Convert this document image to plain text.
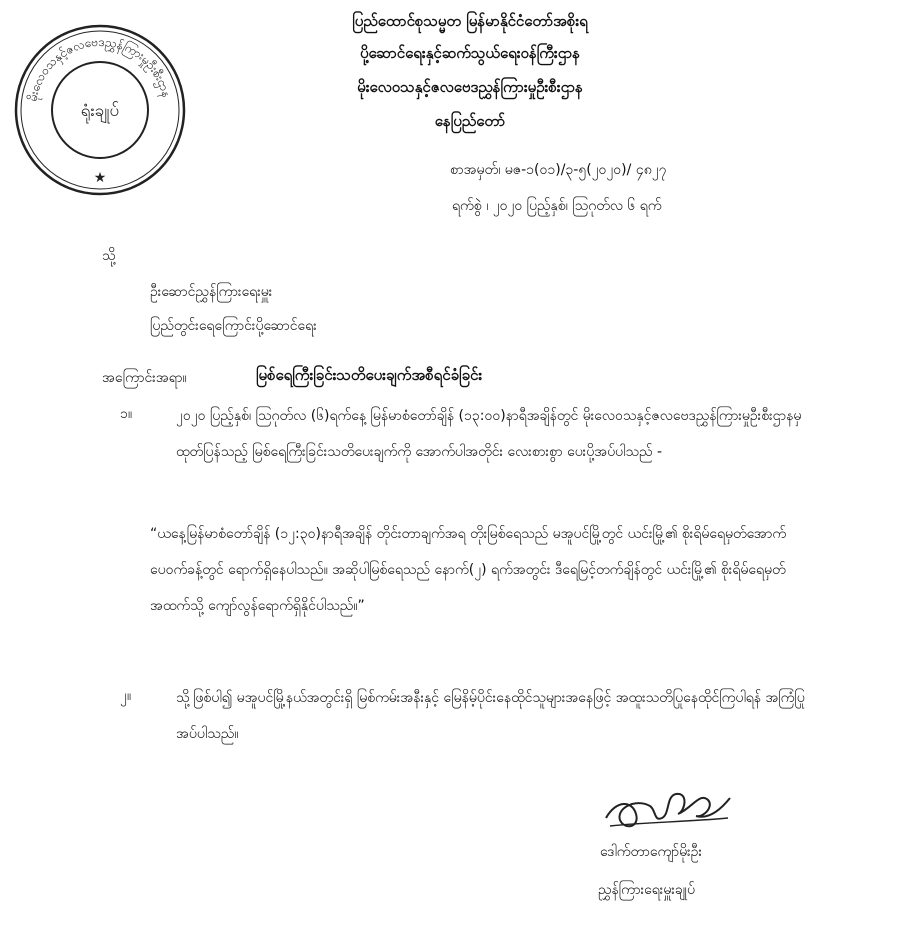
မိုးလေဝသနှင့်ဇလဗေဒညွှန်ကြားမှုဦးစီးဌာန
ရုံးချုပ်
★
ပြည်ထောင်စုသမ္မတ မြန်မာနိုင်ငံတော်အစိုးရ
ပို့ဆောင်ရေးနှင့်ဆက်သွယ်ရေးဝန်ကြီးဌာန
မိုးလေဝသနှင့်ဇလဗေဒညွှန်ကြားမှုဦးစီးဌာန
နေပြည်တော်
စာအမှတ်၊ မဇ-၁(၀၁)/၃-၅(၂၀၂၀)/ ၄၈၂၇
ရက်စွဲ ၊ ၂၀၂၀ ပြည့်နှစ်၊ ဩဂုတ်လ ၆ ရက်
သို့
ဦးဆောင်ညွှန်ကြားရေးမှူး
ပြည်တွင်းရေကြောင်းပို့ဆောင်ရေး
အကြောင်းအရာ။	မြစ်ရေကြီးခြင်းသတိပေးချက်အစီရင်ခံခြင်း
၁။	၂၀၂၀ ပြည့်နှစ်၊ ဩဂုတ်လ (၆)ရက်နေ့ မြန်မာစံတော်ချိန် (၁၃:၀၀)နာရီအချိန်တွင် မိုးလေဝသနှင့်ဇလဗေဒညွှန်ကြားမှုဦးစီးဌာနမှ ထုတ်ပြန်သည့် မြစ်ရေကြီးခြင်းသတိပေးချက်ကို အောက်ပါအတိုင်း လေးစားစွာ ပေးပို့အပ်ပါသည် -
“ယနေ့မြန်မာစံတော်ချိန် (၁၂:၃၀)နာရီအချိန် တိုင်းတာချက်အရ တိုးမြစ်ရေသည် မအူပင်မြို့တွင် ယင်းမြို့၏ စိုးရိမ်ရေမှတ်အောက် ပေ၀က်ခန့်တွင် ရောက်ရှိနေပါသည်။ အဆိုပါမြစ်ရေသည် နောက်(၂) ရက်အတွင်း ဒီရေမြင့်တက်ချိန်တွင် ယင်းမြို့၏ စိုးရိမ်ရေမှတ်အထက်သို့ ကျော်လွန်ရောက်ရှိနိုင်ပါသည်။”
၂။	သို့ဖြစ်ပါ၍ မအူပင်မြို့နယ်အတွင်းရှိ မြစ်ကမ်းအနီးနှင့် မြေနိမ့်ပိုင်းနေထိုင်သူများအနေဖြင့် အထူးသတိပြုနေထိုင်ကြပါရန် အကြံပြုအပ်ပါသည်။
ဒေါက်တာကျော်မိုးဦး
ညွှန်ကြားရေးမှူးချုပ်
